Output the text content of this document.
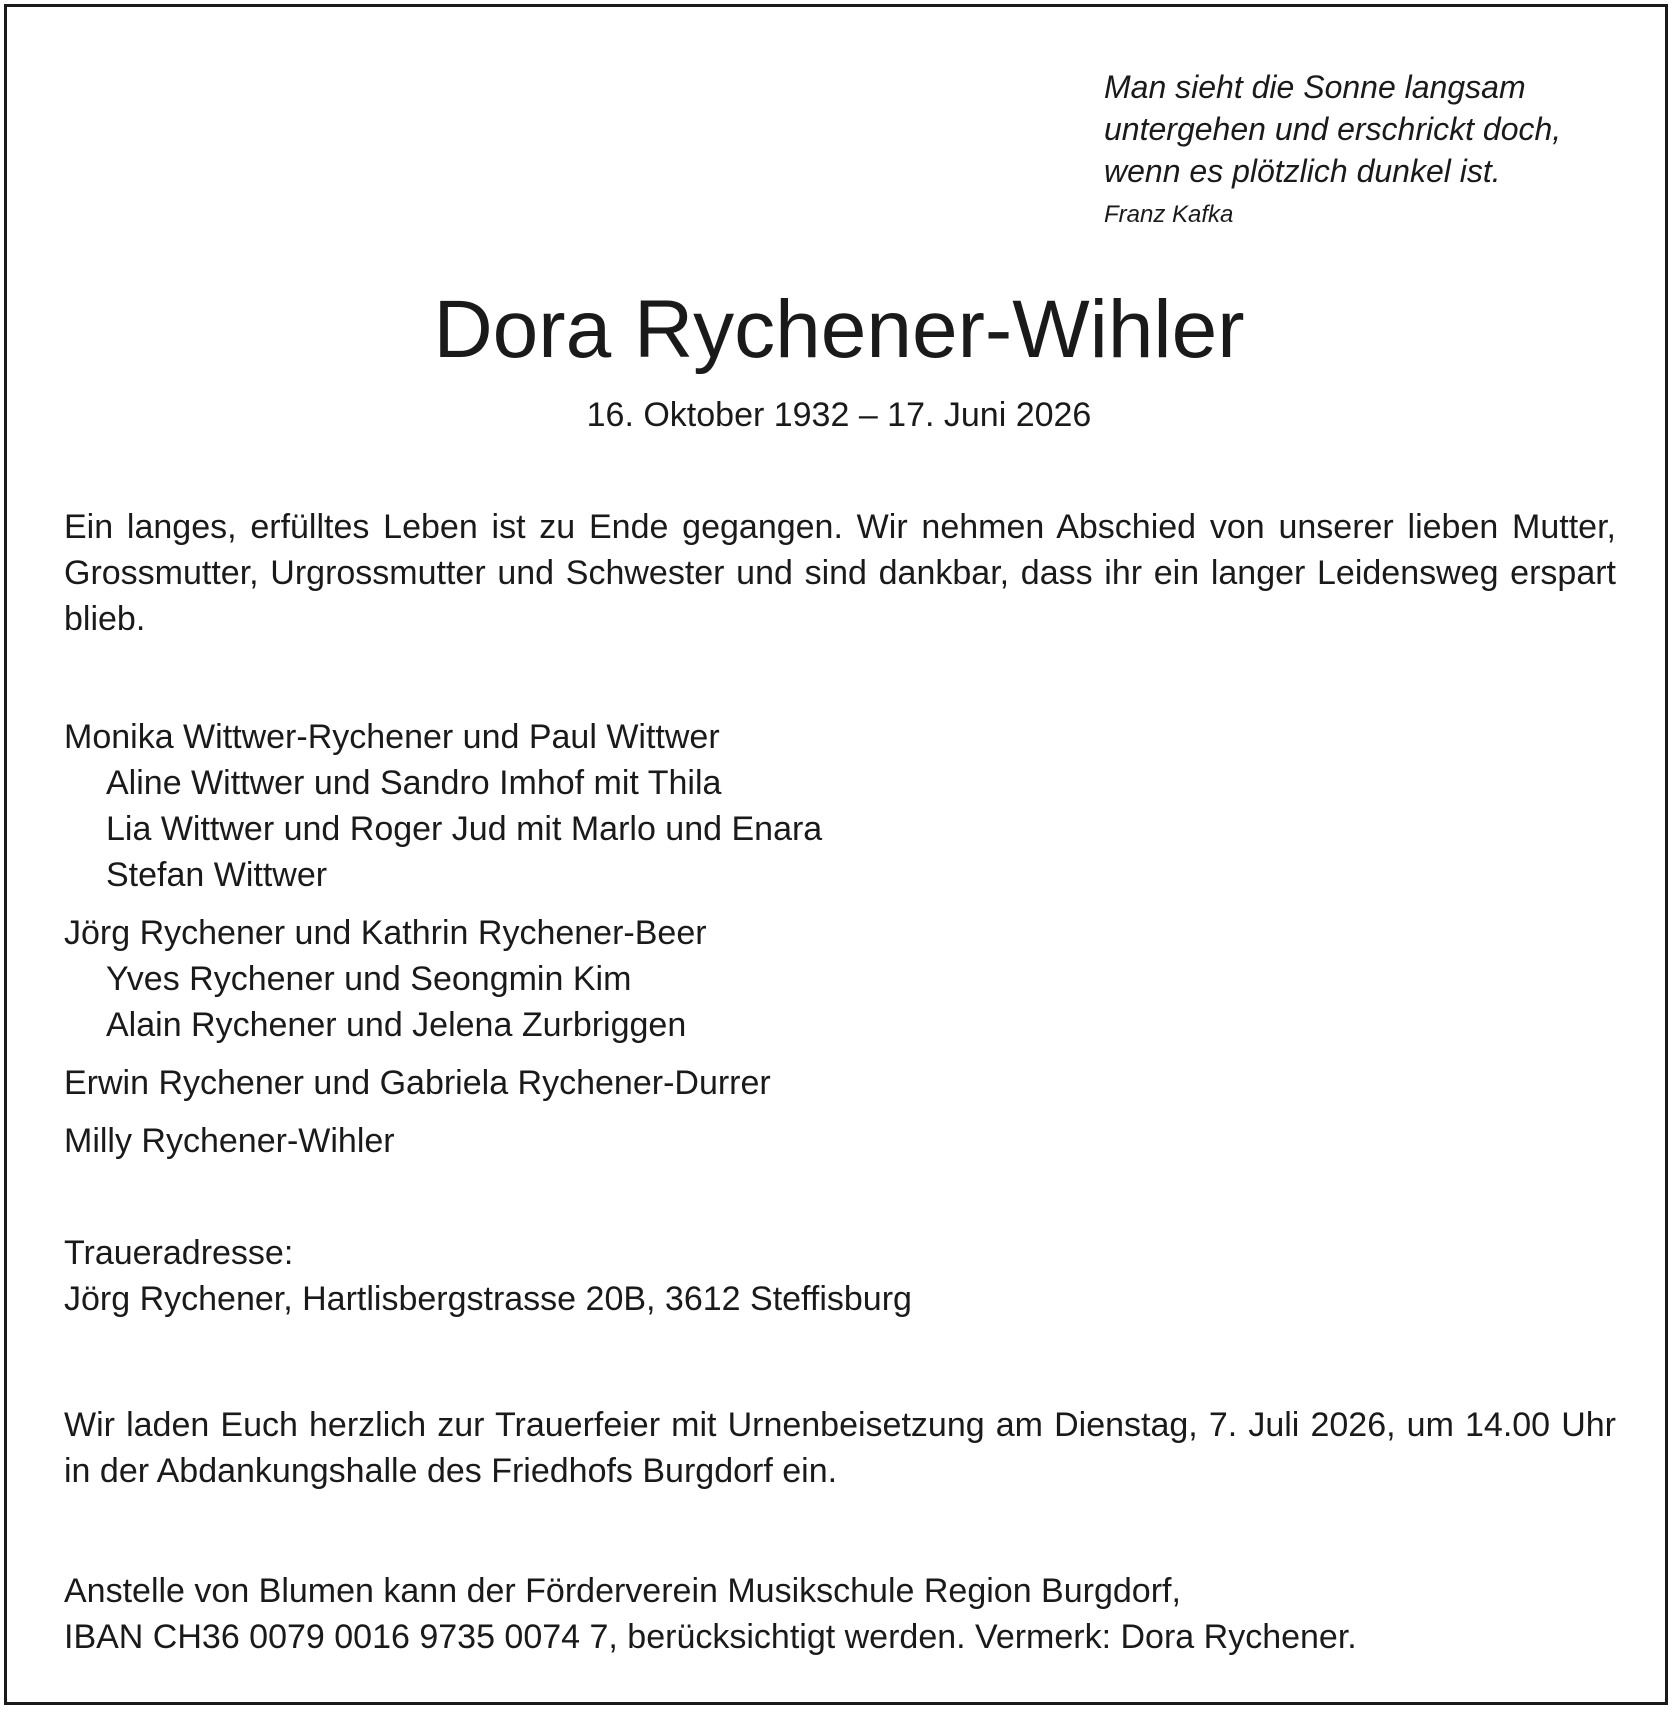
Man sieht die Sonne langsam
untergehen und erschrickt doch,
wenn es plötzlich dunkel ist.
Franz Kafka
Dora Rychener-Wihler
16. Oktober 1932 – 17. Juni 2026
Ein langes, erfülltes Leben ist zu Ende gegangen. Wir nehmen Abschied von unserer lieben Mutter, Grossmutter, Urgrossmutter und Schwester und sind dankbar, dass ihr ein langer Leidensweg erspart blieb.
Monika Wittwer-Rychener und Paul Wittwer
Aline Wittwer und Sandro Imhof mit Thila
Lia Wittwer und Roger Jud mit Marlo und Enara
Stefan Wittwer
Jörg Rychener und Kathrin Rychener-Beer
Yves Rychener und Seongmin Kim
Alain Rychener und Jelena Zurbriggen
Erwin Rychener und Gabriela Rychener-Durrer
Milly Rychener-Wihler
Traueradresse:
Jörg Rychener, Hartlisbergstrasse 20B, 3612 Steffisburg
Wir laden Euch herzlich zur Trauerfeier mit Urnenbeisetzung am Dienstag, 7. Juli 2026, um 14.00 Uhr in der Abdankungshalle des Friedhofs Burgdorf ein.
Anstelle von Blumen kann der Förderverein Musikschule Region Burgdorf,
IBAN CH36 0079 0016 9735 0074 7, berücksichtigt werden. Vermerk: Dora Rychener.
